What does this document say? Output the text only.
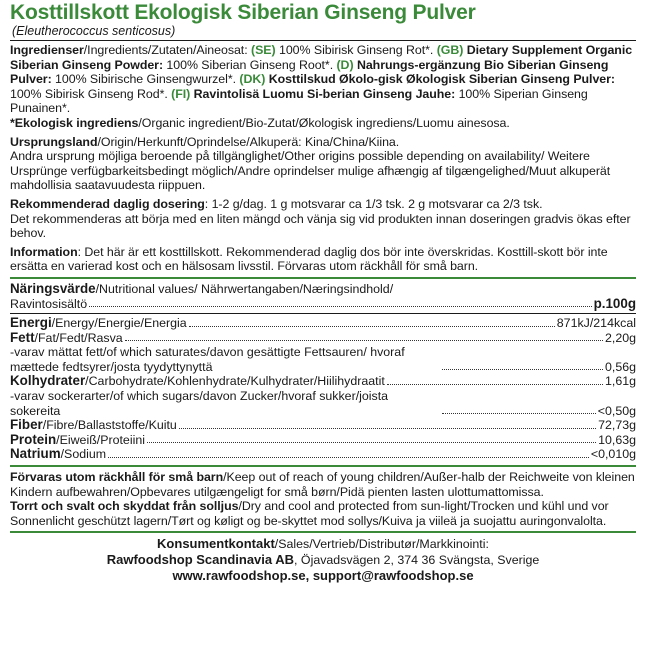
Kosttillskott Ekologisk Siberian Ginseng Pulver
(Eleutherococcus senticosus)

Ingredienser/Ingredients/Zutaten/Aineosat: (SE) 100% Sibirisk Ginseng Rot*. (GB) Dietary Supplement Organic Siberian Ginseng Powder: 100% Siberian Ginseng Root*. (D) Nahrungs-ergänzung Bio Siberian Ginseng Pulver: 100% Sibirische Ginsengwurzel*. (DK) Kosttilskud Økolo-gisk Økologisk Siberian Ginseng Pulver: 100% Sibirisk Ginseng Rod*. (FI) Ravintolisä Luomu Si-berian Ginseng Jauhe: 100% Siperian Ginseng Punainen*.

*Ekologisk ingrediens/Organic ingredient/Bio-Zutat/Økologisk ingrediens/Luomu ainesosa.

Ursprungsland/Origin/Herkunft/Oprindelse/Alkuperä: Kina/China/Kiina.

Andra ursprung möjliga beroende på tillgänglighet/Other origins possible depending on availability/ Weitere Ursprünge verfügbarkeitsbedingt möglich/Andre oprindelser mulige afhængig af tilgængelighed/Muut alkuperät mahdollisia saatavuudesta riippuen.

Rekommenderad daglig dosering: 1-2 g/dag. 1 g motsvarar ca 1/3 tsk. 2 g motsvarar ca 2/3 tsk.

Det rekommenderas att börja med en liten mängd och vänja sig vid produkten innan doseringen gradvis ökas efter behov.

Information: Det här är ett kosttillskott. Rekommenderad daglig dos bör inte överskridas. Kosttill-skott bör inte ersätta en varierad kost och en hälsosam livsstil. Förvaras utom räckhåll för små barn.

Näringsvärde/Nutritional values/ Nährwertangaben/Næringsindhold/
Ravintosisältö	p.100g
Energi/Energy/Energie/Energia	871kJ/214kcal
Fett/Fat/Fedt/Rasva	2,20g
-varav mättat fett/of which saturates/davon gesättigte Fettsauren/ hvoraf mættede fedtsyrer/josta tyydyttynyttä	0,56g
Kolhydrater/Carbohydrate/Kohlenhydrate/Kulhydrater/Hiilihydraatit	1,61g
-varav sockerarter/of which sugars/davon Zucker/hvoraf sukker/joista sokereita	<0,50g
Fiber/Fibre/Ballaststoffe/Kuitu	72,73g
Protein/Eiweiß/Proteiini	10,63g
Natrium/Sodium	<0,010g

Förvaras utom räckhåll för små barn/Keep out of reach of young children/Außer-halb der Reichweite von kleinen Kindern aufbewahren/Opbevares utilgængeligt for små børn/Pidä pienten lasten ulottumattomissa.

Torrt och svalt och skyddat från solljus/Dry and cool and protected from sun-light/Trocken und kühl und vor Sonnenlicht geschützt lagern/Tørt og køligt og be-skyttet mod sollys/Kuiva ja viileä ja suojattu auringonvalolta.

Konsumentkontakt/Sales/Vertrieb/Distributør/Markkinointi:
Rawfoodshop Scandinavia AB, Öjavadsvägen 2, 374 36 Svängsta, Sverige
www.rawfoodshop.se, support@rawfoodshop.se
